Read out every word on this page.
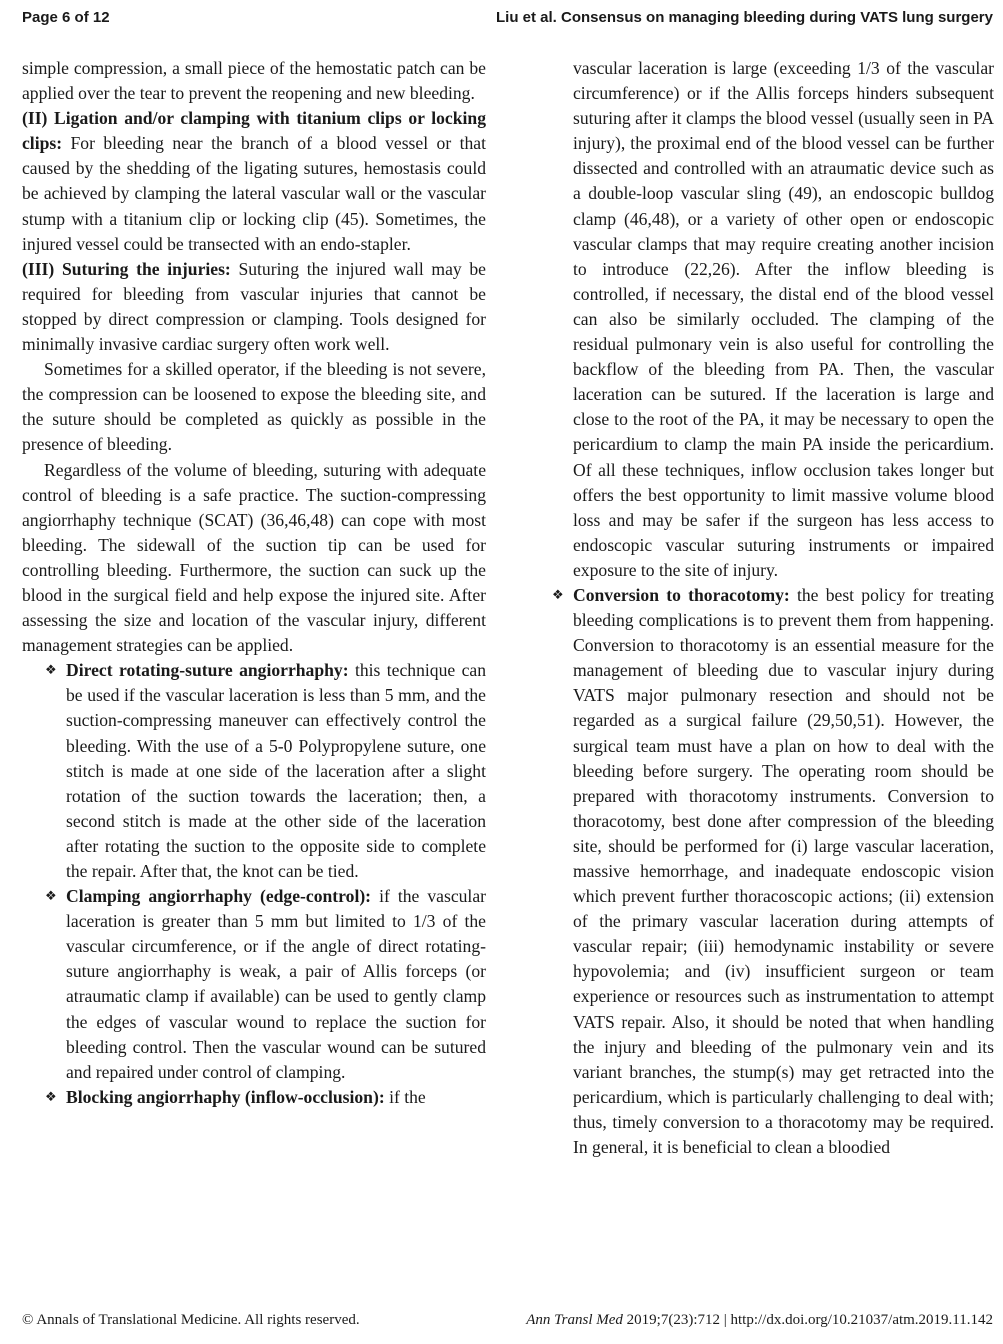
Page 6 of 12	Liu et al. Consensus on managing bleeding during VATS lung surgery

simple compression, a small piece of the hemostatic patch can be applied over the tear to prevent the reopening and new bleeding.

(II) Ligation and/or clamping with titanium clips or locking clips: For bleeding near the branch of a blood vessel or that caused by the shedding of the ligating sutures, hemostasis could be achieved by clamping the lateral vascular wall or the vascular stump with a titanium clip or locking clip (45). Sometimes, the injured vessel could be transected with an endo-stapler.

(III) Suturing the injuries: Suturing the injured wall may be required for bleeding from vascular injuries that cannot be stopped by direct compression or clamping. Tools designed for minimally invasive cardiac surgery often work well.

Sometimes for a skilled operator, if the bleeding is not severe, the compression can be loosened to expose the bleeding site, and the suture should be completed as quickly as possible in the presence of bleeding.

Regardless of the volume of bleeding, suturing with adequate control of bleeding is a safe practice. The suction-compressing angiorrhaphy technique (SCAT) (36,46,48) can cope with most bleeding. The sidewall of the suction tip can be used for controlling bleeding. Furthermore, the suction can suck up the blood in the surgical field and help expose the injured site. After assessing the size and location of the vascular injury, different management strategies can be applied.

❖ Direct rotating-suture angiorrhaphy: this technique can be used if the vascular laceration is less than 5 mm, and the suction-compressing maneuver can effectively control the bleeding. With the use of a 5-0 Polypropylene suture, one stitch is made at one side of the laceration after a slight rotation of the suction towards the laceration; then, a second stitch is made at the other side of the laceration after rotating the suction to the opposite side to complete the repair. After that, the knot can be tied.
❖ Clamping angiorrhaphy (edge-control): if the vascular laceration is greater than 5 mm but limited to 1/3 of the vascular circumference, or if the angle of direct rotating-suture angiorrhaphy is weak, a pair of Allis forceps (or atraumatic clamp if available) can be used to gently clamp the edges of vascular wound to replace the suction for bleeding control. Then the vascular wound can be sutured and repaired under control of clamping.
❖ Blocking angiorrhaphy (inflow-occlusion): if the

vascular laceration is large (exceeding 1/3 of the vascular circumference) or if the Allis forceps hinders subsequent suturing after it clamps the blood vessel (usually seen in PA injury), the proximal end of the blood vessel can be further dissected and controlled with an atraumatic device such as a double-loop vascular sling (49), an endoscopic bulldog clamp (46,48), or a variety of other open or endoscopic vascular clamps that may require creating another incision to introduce (22,26). After the inflow bleeding is controlled, if necessary, the distal end of the blood vessel can also be similarly occluded. The clamping of the residual pulmonary vein is also useful for controlling the backflow of the bleeding from PA. Then, the vascular laceration can be sutured. If the laceration is large and close to the root of the PA, it may be necessary to open the pericardium to clamp the main PA inside the pericardium. Of all these techniques, inflow occlusion takes longer but offers the best opportunity to limit massive volume blood loss and may be safer if the surgeon has less access to endoscopic vascular suturing instruments or impaired exposure to the site of injury.

❖ Conversion to thoracotomy: the best policy for treating bleeding complications is to prevent them from happening. Conversion to thoracotomy is an essential measure for the management of bleeding due to vascular injury during VATS major pulmonary resection and should not be regarded as a surgical failure (29,50,51). However, the surgical team must have a plan on how to deal with the bleeding before surgery. The operating room should be prepared with thoracotomy instruments. Conversion to thoracotomy, best done after compression of the bleeding site, should be performed for (i) large vascular laceration, massive hemorrhage, and inadequate endoscopic vision which prevent further thoracoscopic actions; (ii) extension of the primary vascular laceration during attempts of vascular repair; (iii) hemodynamic instability or severe hypovolemia; and (iv) insufficient surgeon or team experience or resources such as instrumentation to attempt VATS repair. Also, it should be noted that when handling the injury and bleeding of the pulmonary vein and its variant branches, the stump(s) may get retracted into the pericardium, which is particularly challenging to deal with; thus, timely conversion to a thoracotomy may be required. In general, it is beneficial to clean a bloodied
© Annals of Translational Medicine. All rights reserved.	Ann Transl Med 2019;7(23):712 | http://dx.doi.org/10.21037/atm.2019.11.142
